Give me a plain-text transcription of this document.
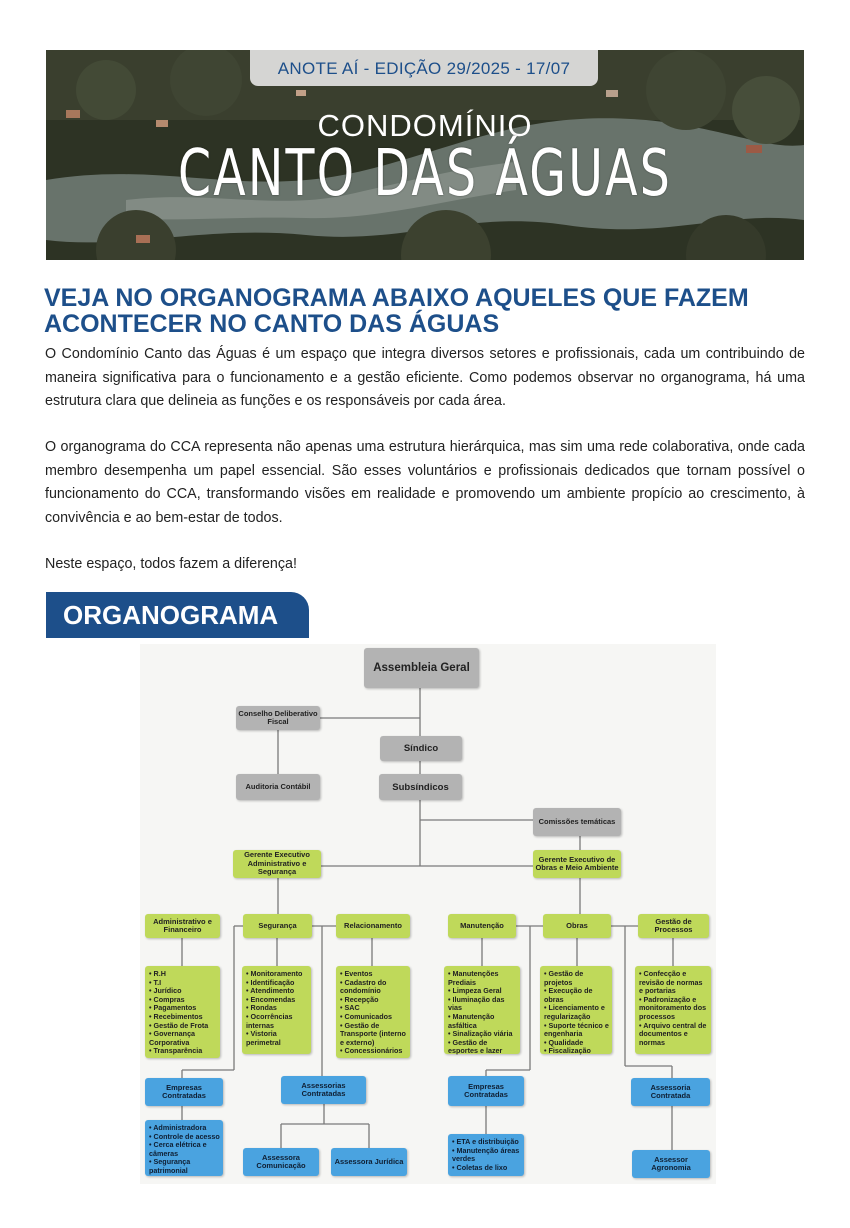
ANOTE AÍ - EDIÇÃO 29/2025 - 17/07
CONDOMÍNIO
CANTO DAS ÁGUAS
VEJA NO ORGANOGRAMA ABAIXO AQUELES QUE FAZEM ACONTECER NO CANTO DAS ÁGUAS

O Condomínio Canto das Águas é um espaço que integra diversos setores e profissionais, cada um contribuindo de maneira significativa para o funcionamento e a gestão eficiente. Como podemos observar no organograma, há uma estrutura clara que delineia as funções e os responsáveis por cada área.

O organograma do CCA representa não apenas uma estrutura hierárquica, mas sim uma rede colaborativa, onde cada membro desempenha um papel essencial. São esses voluntários e profissionais dedicados que tornam possível o funcionamento do CCA, transformando visões em realidade e promovendo um ambiente propício ao crescimento, à convivência e ao bem-estar de todos.

Neste espaço, todos fazem a diferença!

ORGANOGRAMA
Assembleia Geral
Conselho Deliberativo Fiscal
Síndico
Auditoria Contábil	Subsíndicos
Comissões temáticas
Gerente Executivo Administrativo e Segurança
Gerente Executivo de Obras e Meio Ambiente
Administrativo e Financeiro	Segurança	Relacionamento	Manutenção	Obras	Gestão de Processos
• R.H
• T.I
• Jurídico
• Compras
• Pagamentos
• Recebimentos
• Gestão de Frota
• Governança Corporativa
• Transparência
• Monitoramento
• Identificação
• Atendimento
• Encomendas
• Rondas
• Ocorrências internas
• Vistoria perimetral
• Eventos
• Cadastro do condomínio
• Recepção
• SAC
• Comunicados
• Gestão de Transporte (interno e externo)
• Concessionários
• Manutenções Prediais
• Limpeza Geral
• Iluminação das vias
• Manutenção asfáltica
• Sinalização viária
• Gestão de esportes e lazer
• Gestão de projetos
• Execução de obras
• Licenciamento e regularização
• Suporte técnico e engenharia
• Qualidade
• Fiscalização
• Confecção e revisão de normas e portarias
• Padronização e monitoramento dos processos
• Arquivo central de documentos e normas
Empresas Contratadas
Assessorias Contratadas
Empresas Contratadas
Assessoria Contratada
• Administradora
• Controle de acesso
• Cerca elétrica e câmeras
• Segurança patrimonial
Assessora Comunicação	Assessora Jurídica
• ETA e distribuição
• Manutenção áreas verdes
• Coletas de lixo
Assessor Agronomia
